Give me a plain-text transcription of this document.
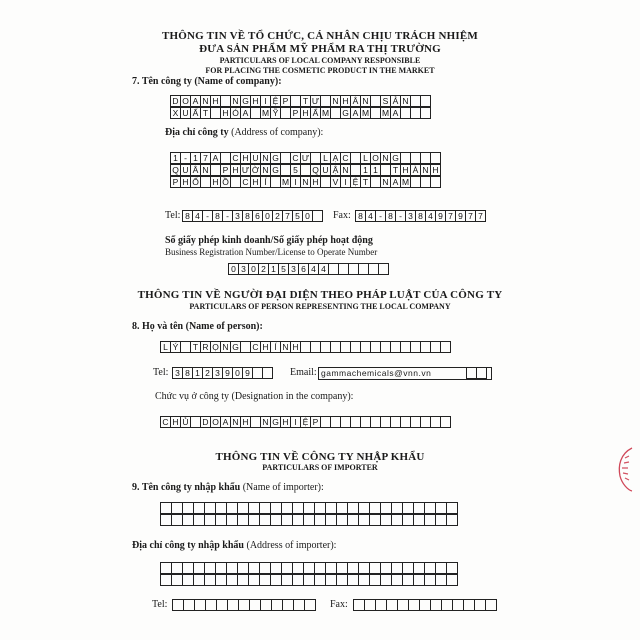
THÔNG TIN VỀ TỔ CHỨC, CÁ NHÂN CHỊU TRÁCH NHIỆM
ĐƯA SẢN PHẨM MỸ PHẨM RA THỊ TRƯỜNG
PARTICULARS OF LOCAL COMPANY RESPONSIBLE
FOR PLACING THE COSMETIC PRODUCT IN THE MARKET
7. Tên công ty (Name of company):
D O A N H N G H I Ệ P	T Ư N H Â N	S Ả N
X U Ấ T	H Ó A	M Ỹ	P H Ẩ M G A M M A
Địa chỉ công ty (Address of company):
1 - 1 7 A	C H U N G C Ư	L Ạ C	L O N G
Q U Â N	P H Ư Ờ N G	5	Q U Ậ N	1 1	T H À N H
P H Ố H Ồ C H Í	M I N H	V I Ệ T	N A M
Tel: 8 4 - 8 - 3 8 6 0 2 7 5 0	Fax: 8 4 - 8 - 3 8 4 9 7 9 7 7
Số giấy phép kinh doanh/Số giấy phép hoạt động
Business Registration Number/License to Operate Number
0 3 0 2 1 5 3 6 4 4
THÔNG TIN VỀ NGƯỜI ĐẠI DIỆN THEO PHÁP LUẬT CỦA CÔNG TY
PARTICULARS OF PERSON REPRESENTING THE LOCAL COMPANY
8. Họ và tên (Name of person):
L Ý	T R Ọ N G C H Í N H
Tel: 3 8 1 2 3 9 0 9	Email: gammachemicals@vnn.vn
Chức vụ ở công ty (Designation in the company):
C H Ủ D O A N H N G H I Ệ P
THÔNG TIN VỀ CÔNG TY NHẬP KHẨU
PARTICULARS OF IMPORTER
9. Tên công ty nhập khẩu (Name of importer):
Địa chỉ công ty nhập khẩu (Address of importer):
Tel:	Fax:
